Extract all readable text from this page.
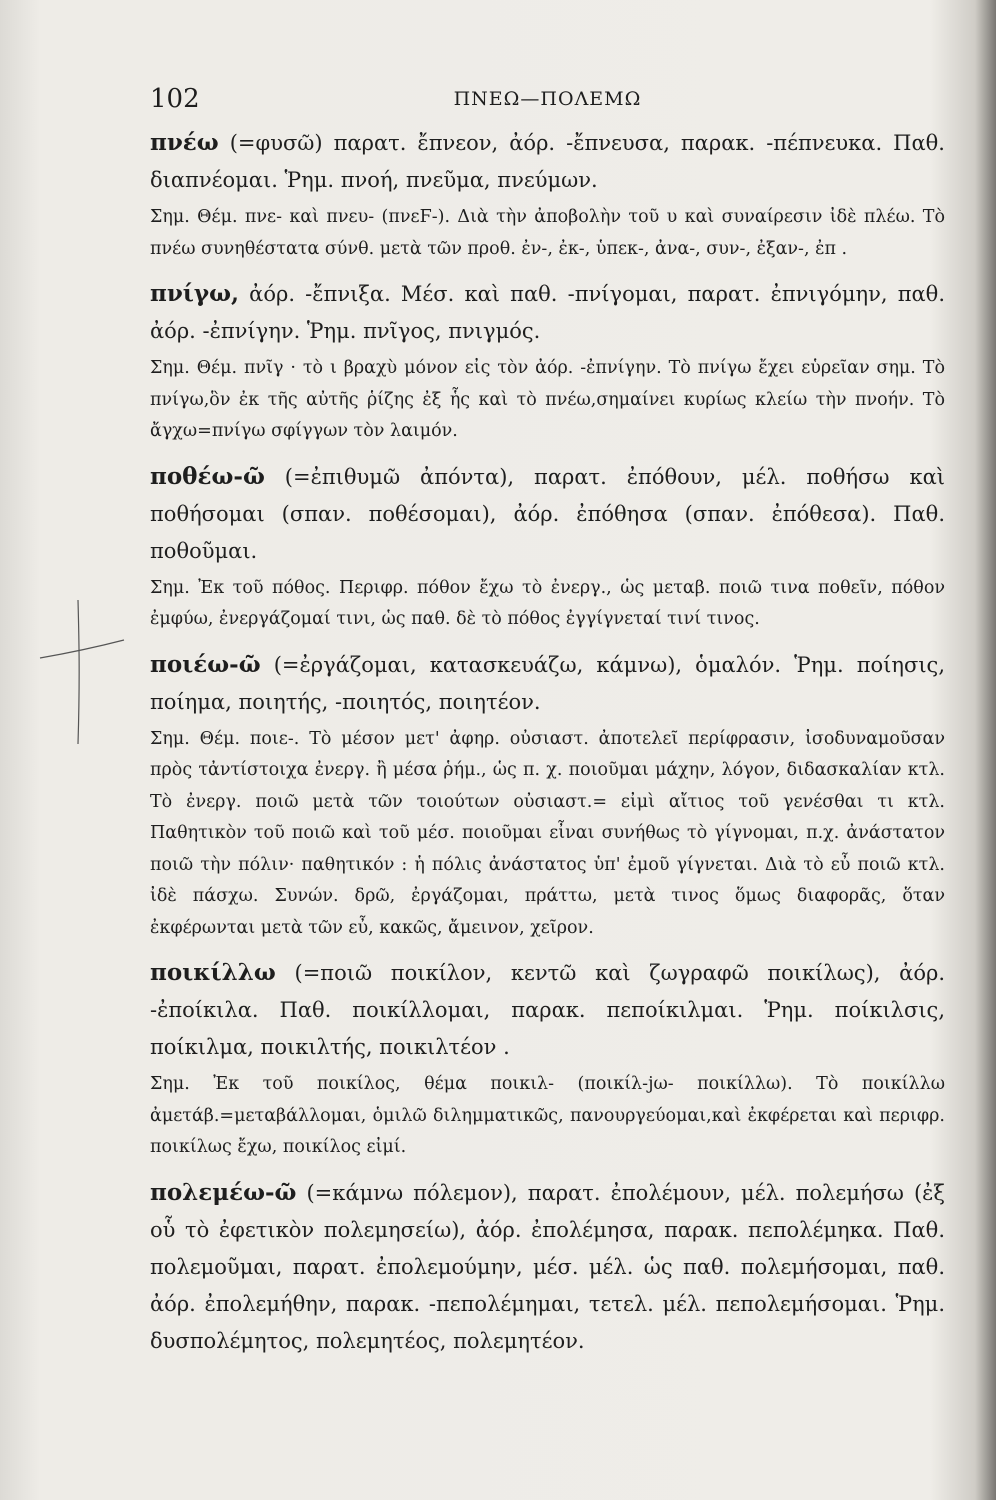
102	ΠΝΕΩ—ΠΟΛΕΜΩ

πνέω (=φυσῶ) παρατ. ἔπνεον, ἀόρ. -ἔπνευσα, παρακ. -πέπνευκα. Παθ. διαπνέομαι. Ῥημ. πνοή, πνεῦμα, πνεύμων.

Σημ. Θέμ. πνε- καὶ πνευ- (πνεϜ-). Διὰ τὴν ἀποβολὴν τοῦ υ καὶ συναίρεσιν ἰδὲ πλέω. Τὸ πνέω συνηθέστατα σύνθ. μετὰ τῶν προθ. ἐν-, ἐκ-, ὑπεκ-, ἀνα-, συν-, ἐξαν-, ἐπ .

πνίγω, ἀόρ. -ἔπνιξα. Μέσ. καὶ παθ. -πνίγομαι, παρατ. ἐπνιγόμην, παθ. ἀόρ. -ἐπνίγην. Ῥημ. πνῖγος, πνιγμός.

Σημ. Θέμ. πνῖγ · τὸ ι βραχὺ μόνον εἰς τὸν ἀόρ. -ἐπνίγην. Τὸ πνίγω ἔχει εὑρεῖαν σημ. Τὸ πνίγω,ὃν ἐκ τῆς αὐτῆς ῥίζης ἐξ ἧς καὶ τὸ πνέω,σημαίνει κυρίως κλείω τὴν πνοήν. Τὸ ἄγχω=πνίγω σφίγγων τὸν λαιμόν.

ποθέω-ῶ (=ἐπιθυμῶ ἀπόντα), παρατ. ἐπόθουν, μέλ. ποθήσω καὶ ποθήσομαι (σπαν. ποθέσομαι), ἀόρ. ἐπόθησα (σπαν. ἐπόθεσα). Παθ. ποθοῦμαι.

Σημ. Ἐκ τοῦ πόθος. Περιφρ. πόθον ἔχω τὸ ἐνεργ., ὡς μεταβ. ποιῶ τινα ποθεῖν, πόθον ἐμφύω, ἐνεργάζομαί τινι, ὡς παθ. δὲ τὸ πόθος ἐγγίγνεταί τινί τινος.

ποιέω-ῶ (=ἐργάζομαι, κατασκευάζω, κάμνω), ὁμαλόν. Ῥημ. ποίησις, ποίημα, ποιητής, -ποιητός, ποιητέον.

Σημ. Θέμ. ποιε-. Τὸ μέσον μετ' ἀφηρ. οὐσιαστ. ἀποτελεῖ περίφρασιν, ἰσοδυναμοῦσαν πρὸς τἀντίστοιχα ἐνεργ. ἢ μέσα ῥήμ., ὡς π. χ. ποιοῦμαι μάχην, λόγον, διδασκαλίαν κτλ. Τὸ ἐνεργ. ποιῶ μετὰ τῶν τοιούτων οὐσιαστ.= εἰμὶ αἴτιος τοῦ γενέσθαι τι κτλ. Παθητικὸν τοῦ ποιῶ καὶ τοῦ μέσ. ποιοῦμαι εἶναι συνήθως τὸ γίγνομαι, π.χ. ἀνάστατον ποιῶ τὴν πόλιν· παθητικόν : ἡ πόλις ἀνάστατος ὑπ' ἐμοῦ γίγνεται. Διὰ τὸ εὖ ποιῶ κτλ. ἰδὲ πάσχω. Συνών. δρῶ, ἐργάζομαι, πράττω, μετὰ τινος ὅμως διαφορᾶς, ὅταν ἐκφέρωνται μετὰ τῶν εὖ, κακῶς, ἄμεινον, χεῖρον.

ποικίλλω (=ποιῶ ποικίλον, κεντῶ καὶ ζωγραφῶ ποικίλως), ἀόρ. -ἐποίκιλα. Παθ. ποικίλλομαι, παρακ. πεποίκιλμαι. Ῥημ. ποίκιλσις, ποίκιλμα, ποικιλτής, ποικιλτέον .

Σημ. Ἐκ τοῦ ποικίλος, θέμα ποικιλ- (ποικίλ-jω- ποικίλλω). Τὸ ποικίλλω ἀμετάβ.=μεταβάλλομαι, ὁμιλῶ διλημματικῶς, πανουργεύομαι,καὶ ἐκφέρεται καὶ περιφρ. ποικίλως ἔχω, ποικίλος εἰμί.

πολεμέω-ῶ (=κάμνω πόλεμον), παρατ. ἐπολέμουν, μέλ. πολεμήσω (ἐξ οὗ τὸ ἐφετικὸν πολεμησείω), ἀόρ. ἐπολέμησα, παρακ. πεπολέμηκα. Παθ. πολεμοῦμαι, παρατ. ἐπολεμούμην, μέσ. μέλ. ὡς παθ. πολεμήσομαι, παθ. ἀόρ. ἐπολεμήθην, παρακ. -πεπολέμημαι, τετελ. μέλ. πεπολεμήσομαι. Ῥημ. δυσπολέμητος, πολεμητέος, πολεμητέον.
